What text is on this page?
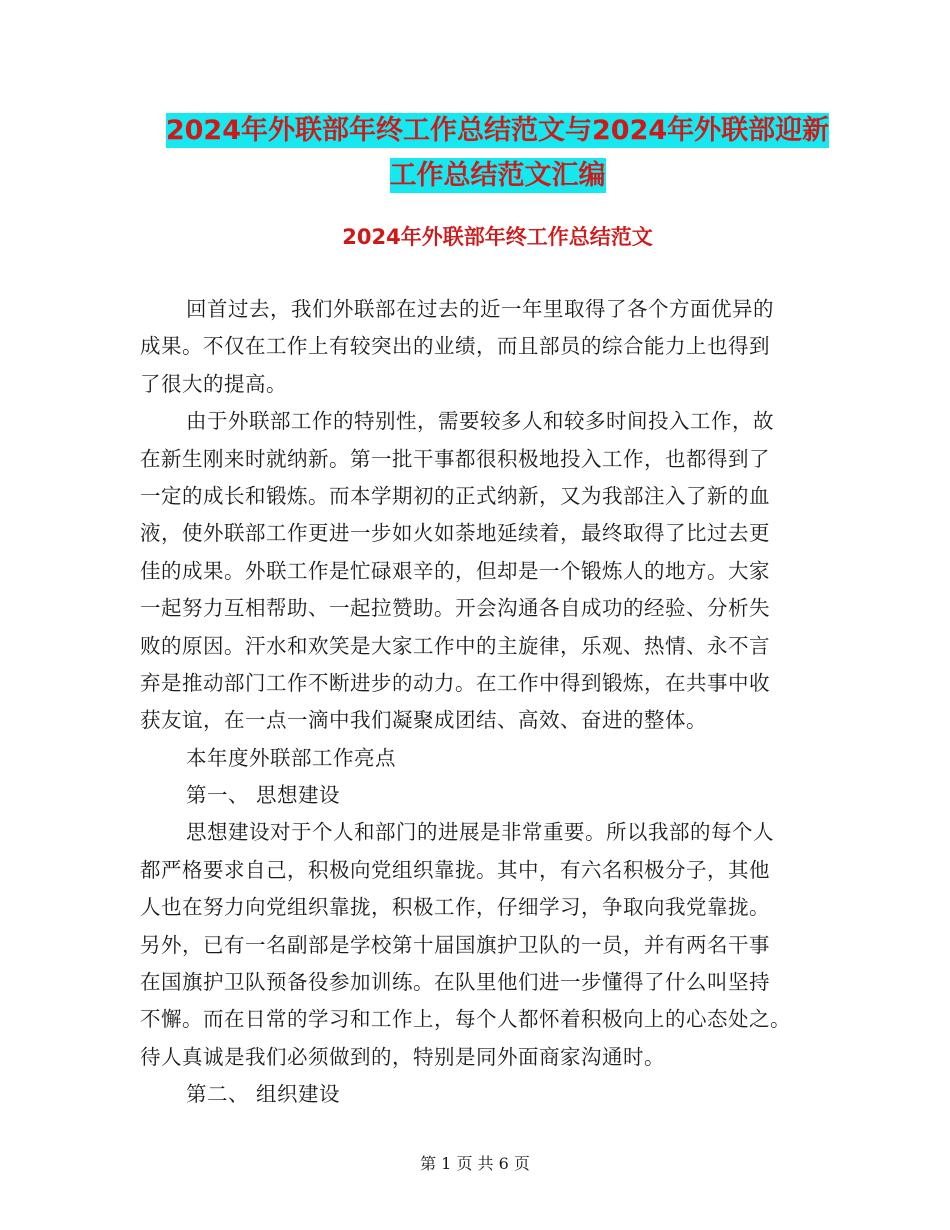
2024年外联部年终工作总结范文与2024年外联部迎新
工作总结范文汇编
2024年外联部年终工作总结范文
回首过去，我们外联部在过去的近一年里取得了各个方面优异的
成果。不仅在工作上有较突出的业绩，而且部员的综合能力上也得到
了很大的提高。
由于外联部工作的特别性，需要较多人和较多时间投入工作，故
在新生刚来时就纳新。第一批干事都很积极地投入工作，也都得到了
一定的成长和锻炼。而本学期初的正式纳新，又为我部注入了新的血
液，使外联部工作更进一步如火如荼地延续着，最终取得了比过去更
佳的成果。外联工作是忙碌艰辛的，但却是一个锻炼人的地方。大家
一起努力互相帮助、一起拉赞助。开会沟通各自成功的经验、分析失
败的原因。汗水和欢笑是大家工作中的主旋律，乐观、热情、永不言
弃是推动部门工作不断进步的动力。在工作中得到锻炼，在共事中收
获友谊，在一点一滴中我们凝聚成团结、高效、奋进的整体。
本年度外联部工作亮点
第一、 思想建设
思想建设对于个人和部门的进展是非常重要。所以我部的每个人
都严格要求自己，积极向党组织靠拢。其中，有六名积极分子，其他
人也在努力向党组织靠拢，积极工作，仔细学习，争取向我党靠拢。
另外，已有一名副部是学校第十届国旗护卫队的一员，并有两名干事
在国旗护卫队预备役参加训练。在队里他们进一步懂得了什么叫坚持
不懈。而在日常的学习和工作上，每个人都怀着积极向上的心态处之。
待人真诚是我们必须做到的，特别是同外面商家沟通时。
第二、 组织建设
第 1 页 共 6 页
